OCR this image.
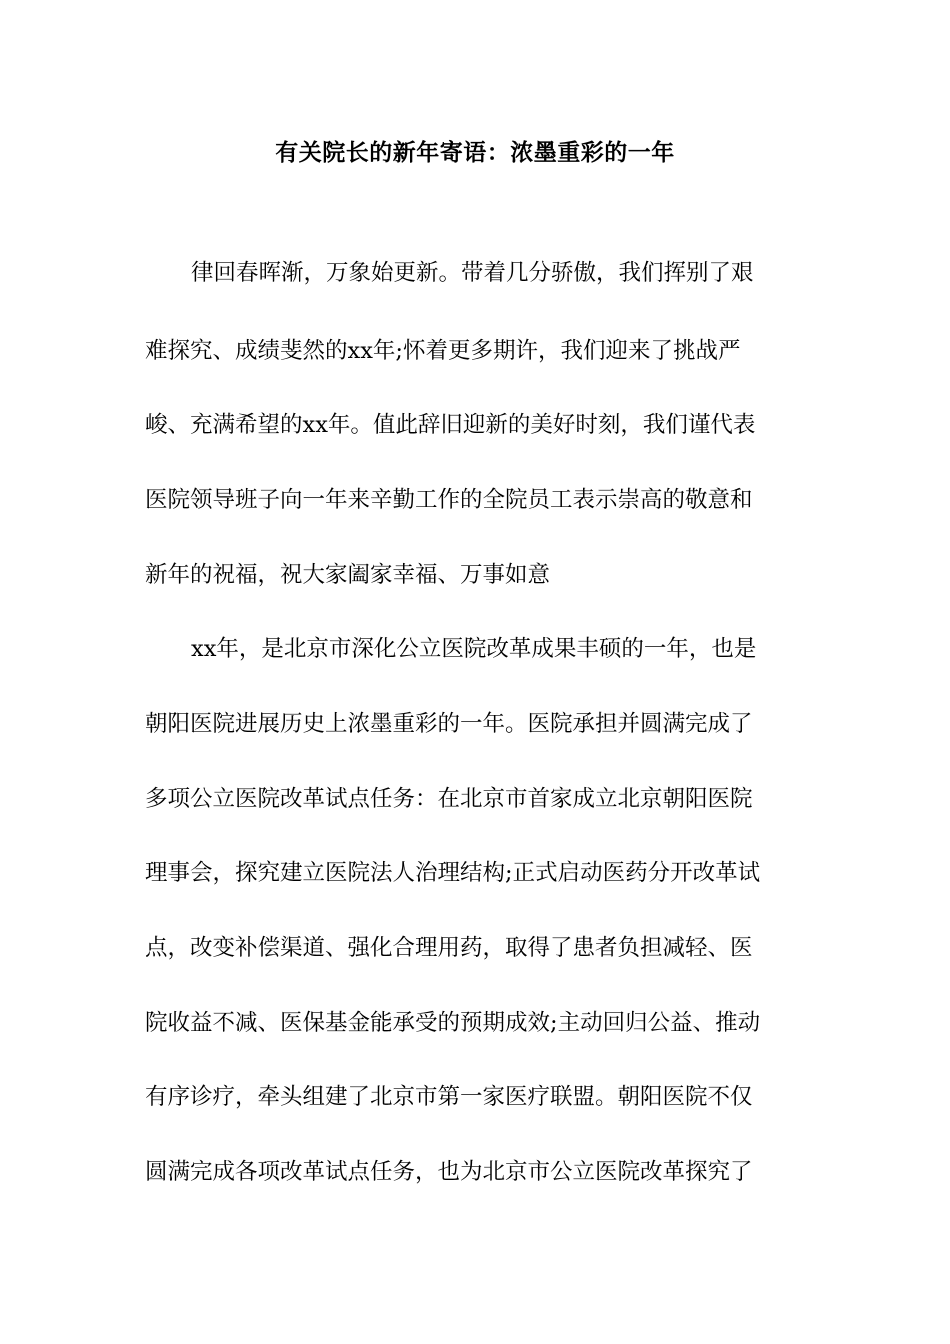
有关院长的新年寄语：浓墨重彩的一年
律回春晖渐，万象始更新。带着几分骄傲，我们挥别了艰
难探究、成绩斐然的xx年;怀着更多期许，我们迎来了挑战严
峻、充满希望的xx年。值此辞旧迎新的美好时刻，我们谨代表
医院领导班子向一年来辛勤工作的全院员工表示崇高的敬意和
新年的祝福，祝大家阖家幸福、万事如意
xx年，是北京市深化公立医院改革成果丰硕的一年，也是
朝阳医院进展历史上浓墨重彩的一年。医院承担并圆满完成了
多项公立医院改革试点任务：在北京市首家成立北京朝阳医院
理事会，探究建立医院法人治理结构;正式启动医药分开改革试
点，改变补偿渠道、强化合理用药，取得了患者负担减轻、医
院收益不减、医保基金能承受的预期成效;主动回归公益、推动
有序诊疗，牵头组建了北京市第一家医疗联盟。朝阳医院不仅
圆满完成各项改革试点任务，也为北京市公立医院改革探究了
